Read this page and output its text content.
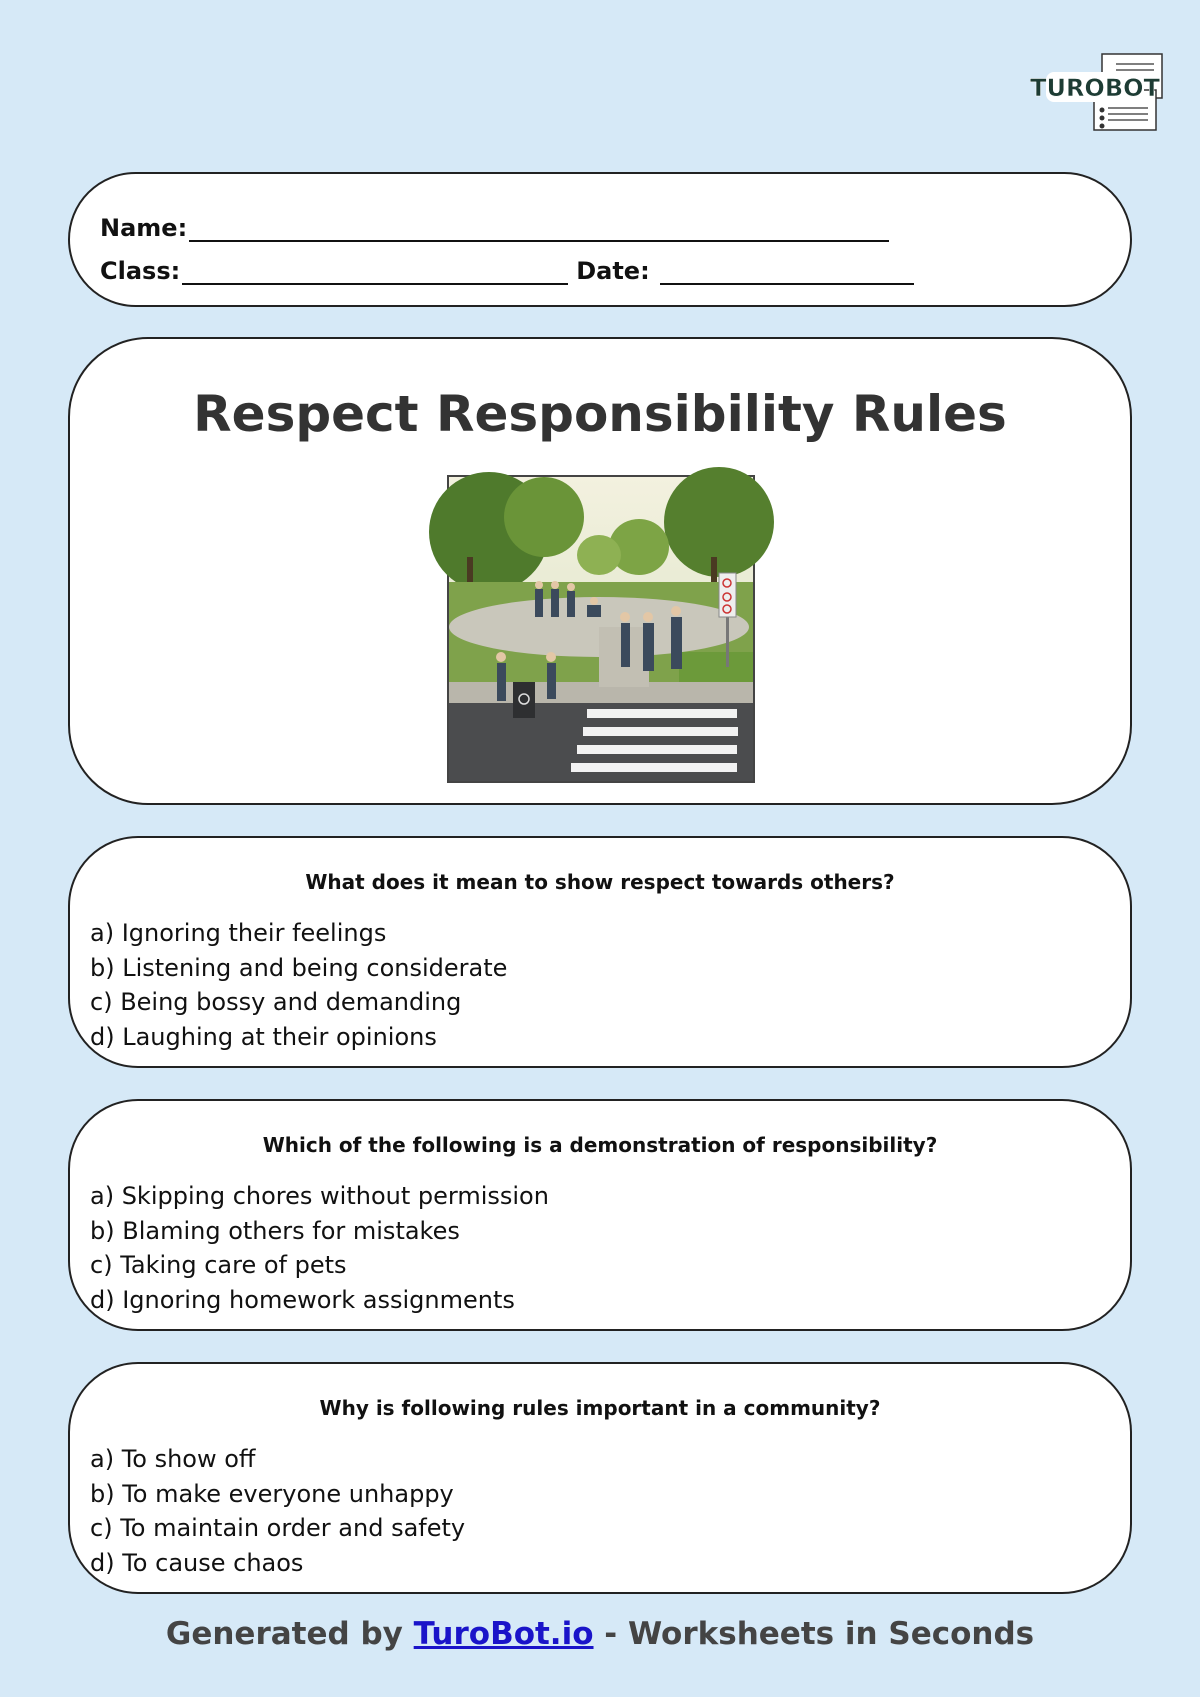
TUROBOT
Name:
Class:	Date:
Respect Responsibility Rules
What does it mean to show respect towards others?
a) Ignoring their feelings
b) Listening and being considerate
c) Being bossy and demanding
d) Laughing at their opinions
Which of the following is a demonstration of responsibility?
a) Skipping chores without permission
b) Blaming others for mistakes
c) Taking care of pets
d) Ignoring homework assignments
Why is following rules important in a community?
a) To show off
b) To make everyone unhappy
c) To maintain order and safety
d) To cause chaos
Generated by TuroBot.io - Worksheets in Seconds
